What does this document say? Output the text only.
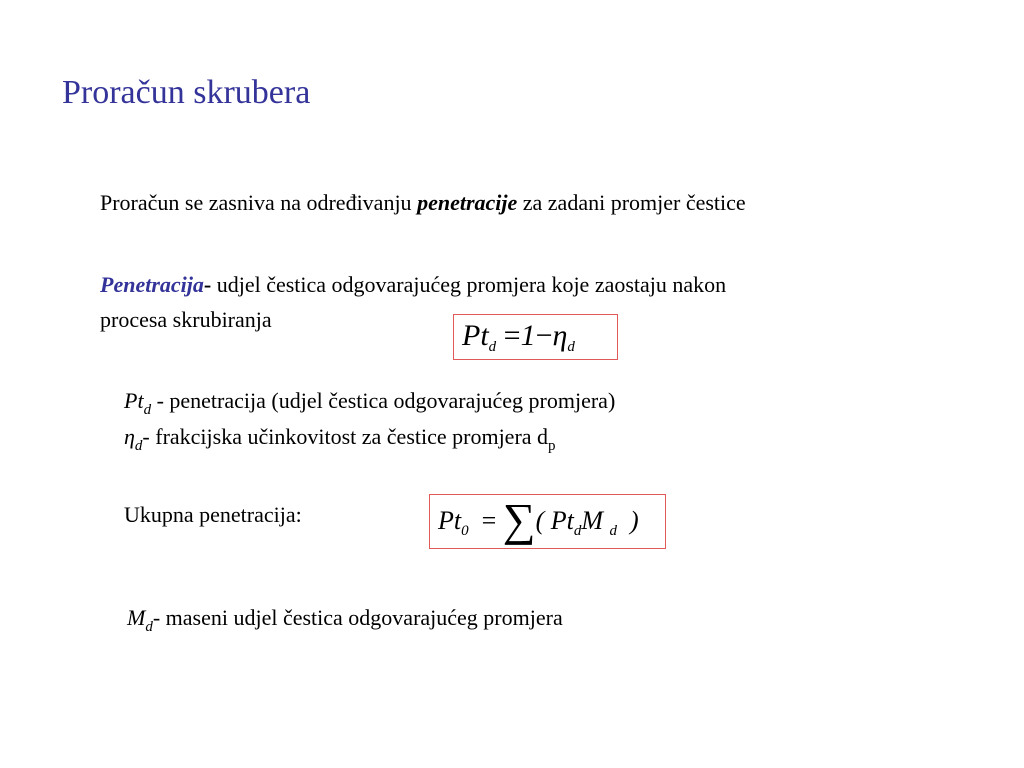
Proračun skrubera
Proračun se zasniva na određivanju penetracije za zadani promjer čestice
Penetracija- udjel čestica odgovarajućeg promjera koje zaostaju nakon
procesa skrubiranja	$Pt_d =1-\eta_d$
$Pt_d$ - penetracija (udjel čestica odgovarajućeg promjera)
$\eta_d-$ frakcijska učinkovitost za čestice promjera $d_p$
Ukupna penetracija:	$Pt_0$ = ∑( $Pt_dM$ $_d$ )
$M_d-$ maseni udjel čestica odgovarajućeg promjera
